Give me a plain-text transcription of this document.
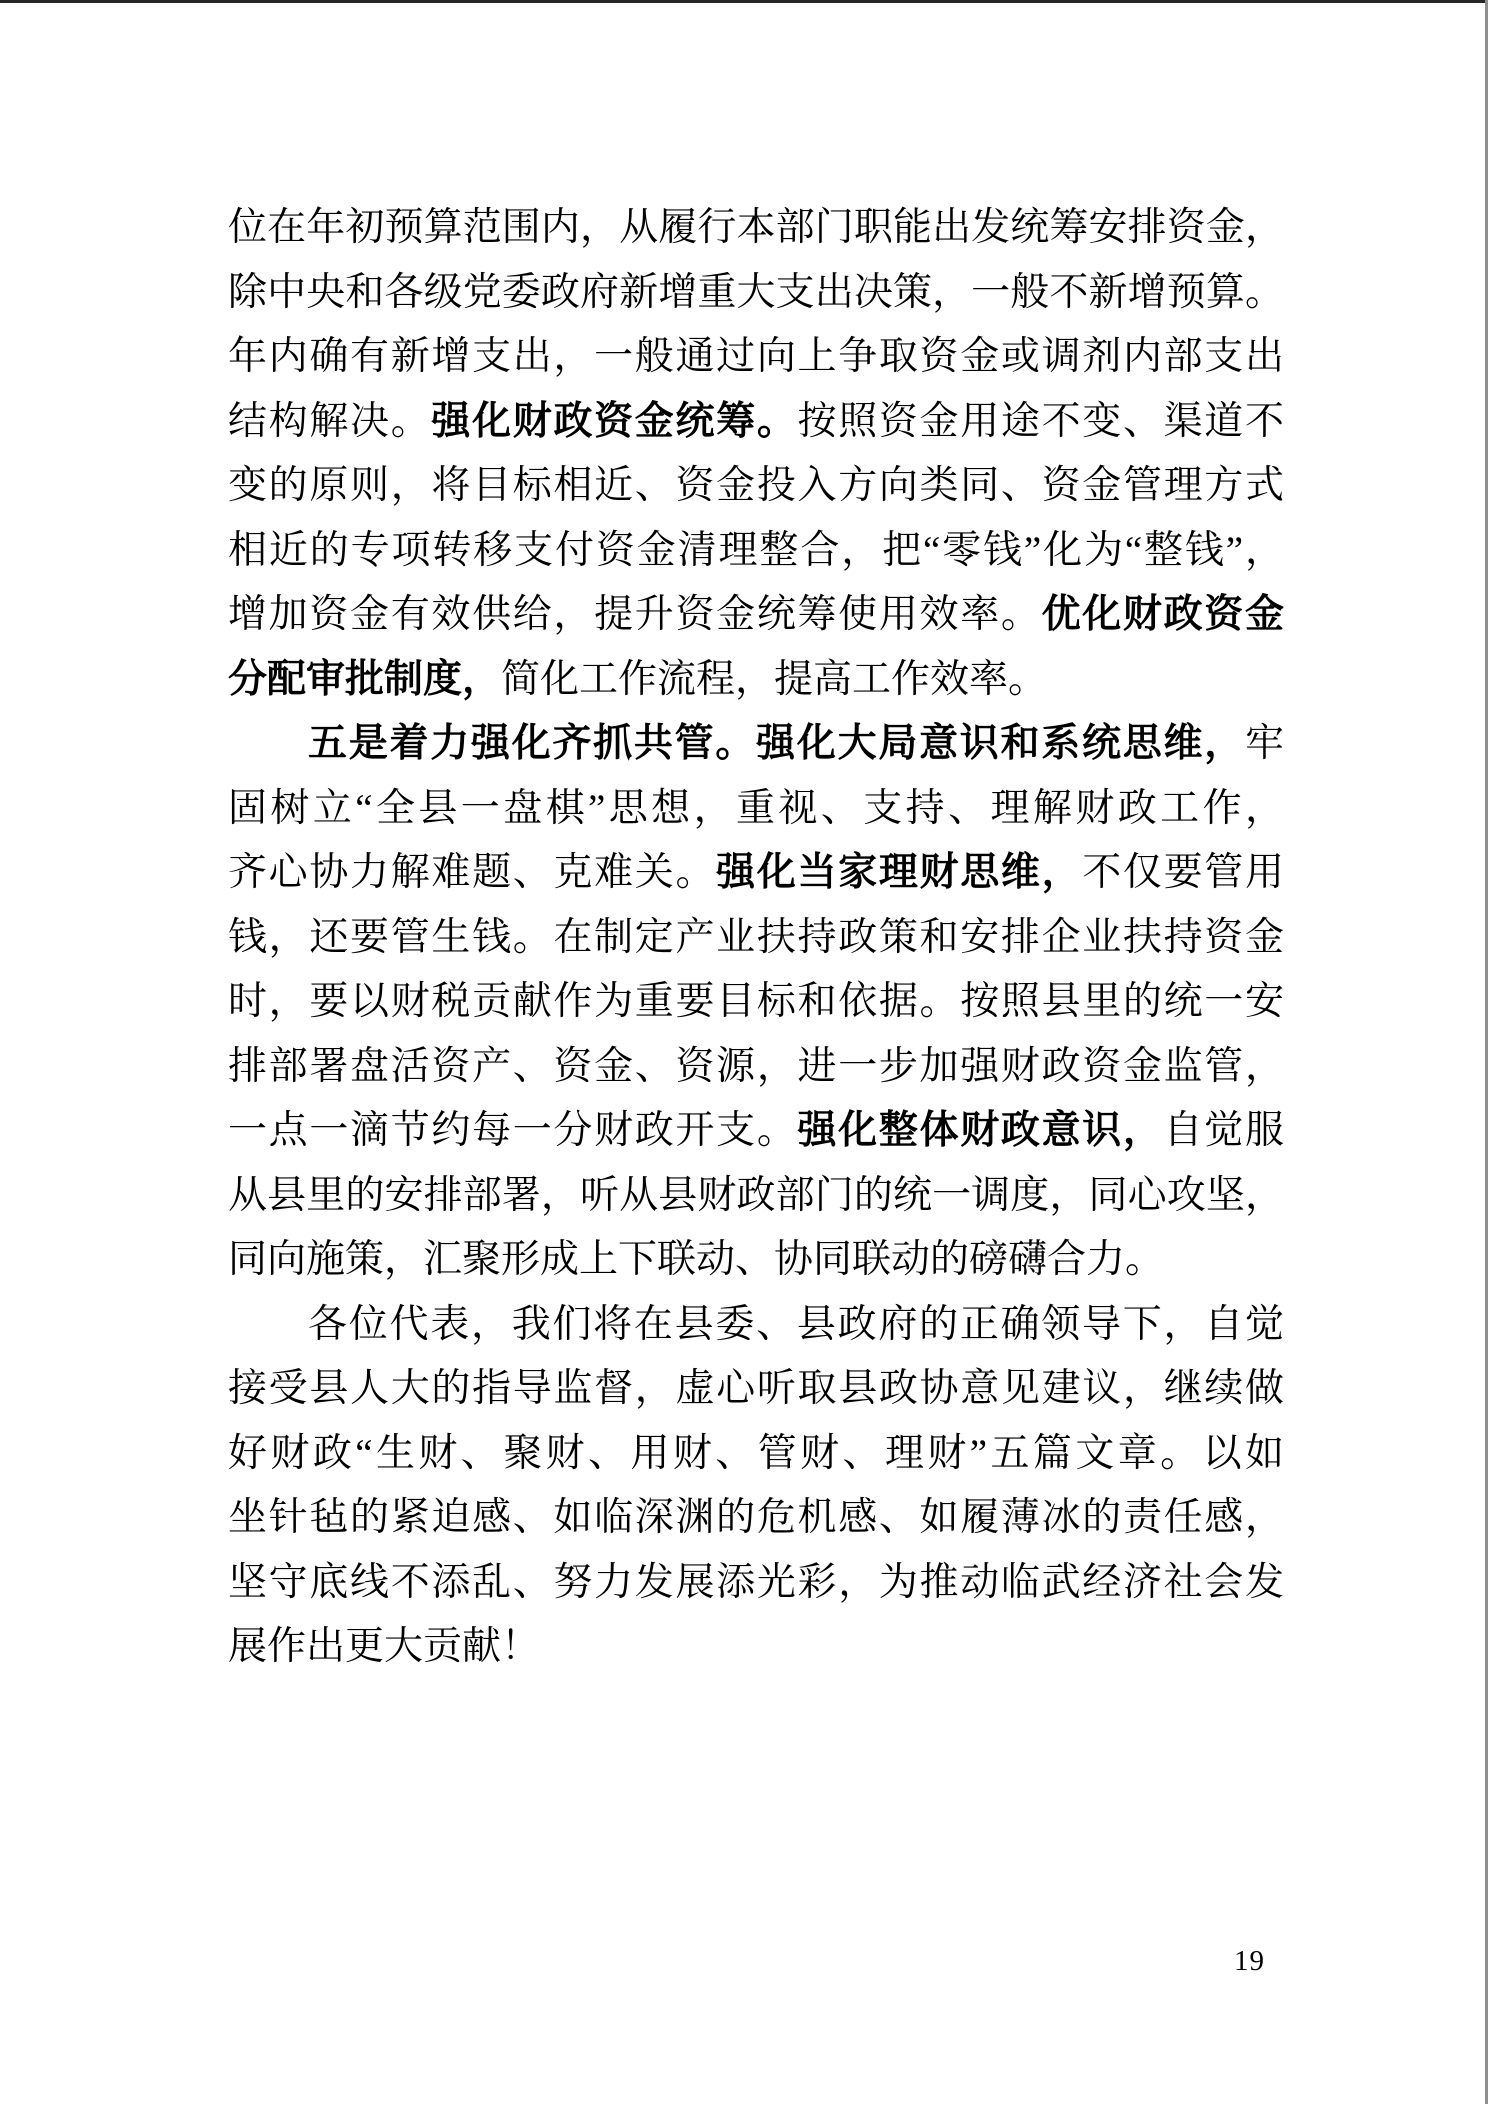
位在年初预算范围内，从履行本部门职能出发统筹安排资金，
除中央和各级党委政府新增重大支出决策，一般不新增预算。
年内确有新增支出，一般通过向上争取资金或调剂内部支出
结构解决。强化财政资金统筹。按照资金用途不变、渠道不
变的原则，将目标相近、资金投入方向类同、资金管理方式
相近的专项转移支付资金清理整合，把“零钱”化为“整钱”，
增加资金有效供给，提升资金统筹使用效率。优化财政资金
分配审批制度，简化工作流程，提高工作效率。
五是着力强化齐抓共管。强化大局意识和系统思维，牢
固树立“全县一盘棋”思想，重视、支持、理解财政工作，
齐心协力解难题、克难关。强化当家理财思维，不仅要管用
钱，还要管生钱。在制定产业扶持政策和安排企业扶持资金
时，要以财税贡献作为重要目标和依据。按照县里的统一安
排部署盘活资产、资金、资源，进一步加强财政资金监管，
一点一滴节约每一分财政开支。强化整体财政意识，自觉服
从县里的安排部署，听从县财政部门的统一调度，同心攻坚，
同向施策，汇聚形成上下联动、协同联动的磅礴合力。
各位代表，我们将在县委、县政府的正确领导下，自觉
接受县人大的指导监督，虚心听取县政协意见建议，继续做
好财政“生财、聚财、用财、管财、理财”五篇文章。以如
坐针毡的紧迫感、如临深渊的危机感、如履薄冰的责任感，
坚守底线不添乱、努力发展添光彩，为推动临武经济社会发
展作出更大贡献！
19
